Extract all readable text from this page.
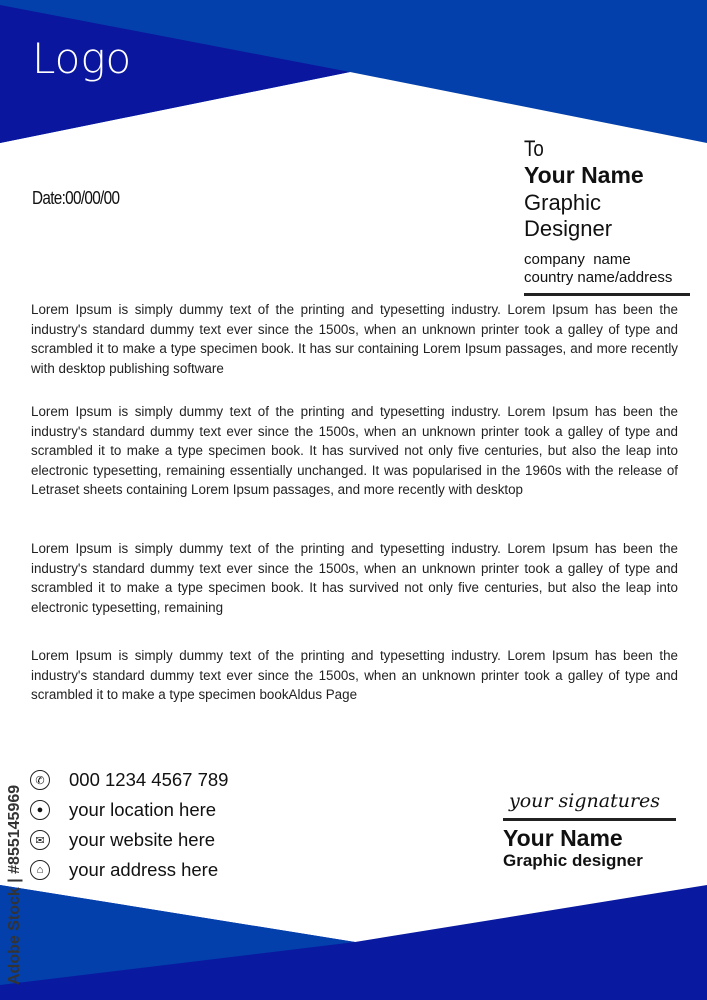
Logo
Date:00/00/00
To
Your Name
Graphic Designer
company  name
country name/address
Lorem Ipsum is simply dummy text of the printing and typesetting industry. Lorem Ipsum has been the industry's standard dummy text ever since the 1500s, when an unknown printer took a galley of type and scrambled it to make a type specimen book. It has sur containing Lorem Ipsum passages, and more recently with desktop publishing software
Lorem Ipsum is simply dummy text of the printing and typesetting industry. Lorem Ipsum has been the industry's standard dummy text ever since the 1500s, when an unknown printer took a galley of type and scrambled it to make a type specimen book. It has survived not only five centuries, but also the leap into electronic typesetting, remaining essentially unchanged. It was popularised in the 1960s with the release of Letraset sheets containing Lorem Ipsum passages, and more recently with desktop
Lorem Ipsum is simply dummy text of the printing and typesetting industry. Lorem Ipsum has been the industry's standard dummy text ever since the 1500s, when an unknown printer took a galley of type and scrambled it to make a type specimen book. It has survived not only five centuries, but also the leap into electronic typesetting, remaining
Lorem Ipsum is simply dummy text of the printing and typesetting industry. Lorem Ipsum has been the industry's standard dummy text ever since the 1500s, when an unknown printer took a galley of type and scrambled it to make a type specimen bookAldus Page
✆ 000 1234 4567 789
●	your location here
✉ your website here
⌂	your address here
your signatures
Your Name
Graphic designer
Adobe Stock | #855145969
